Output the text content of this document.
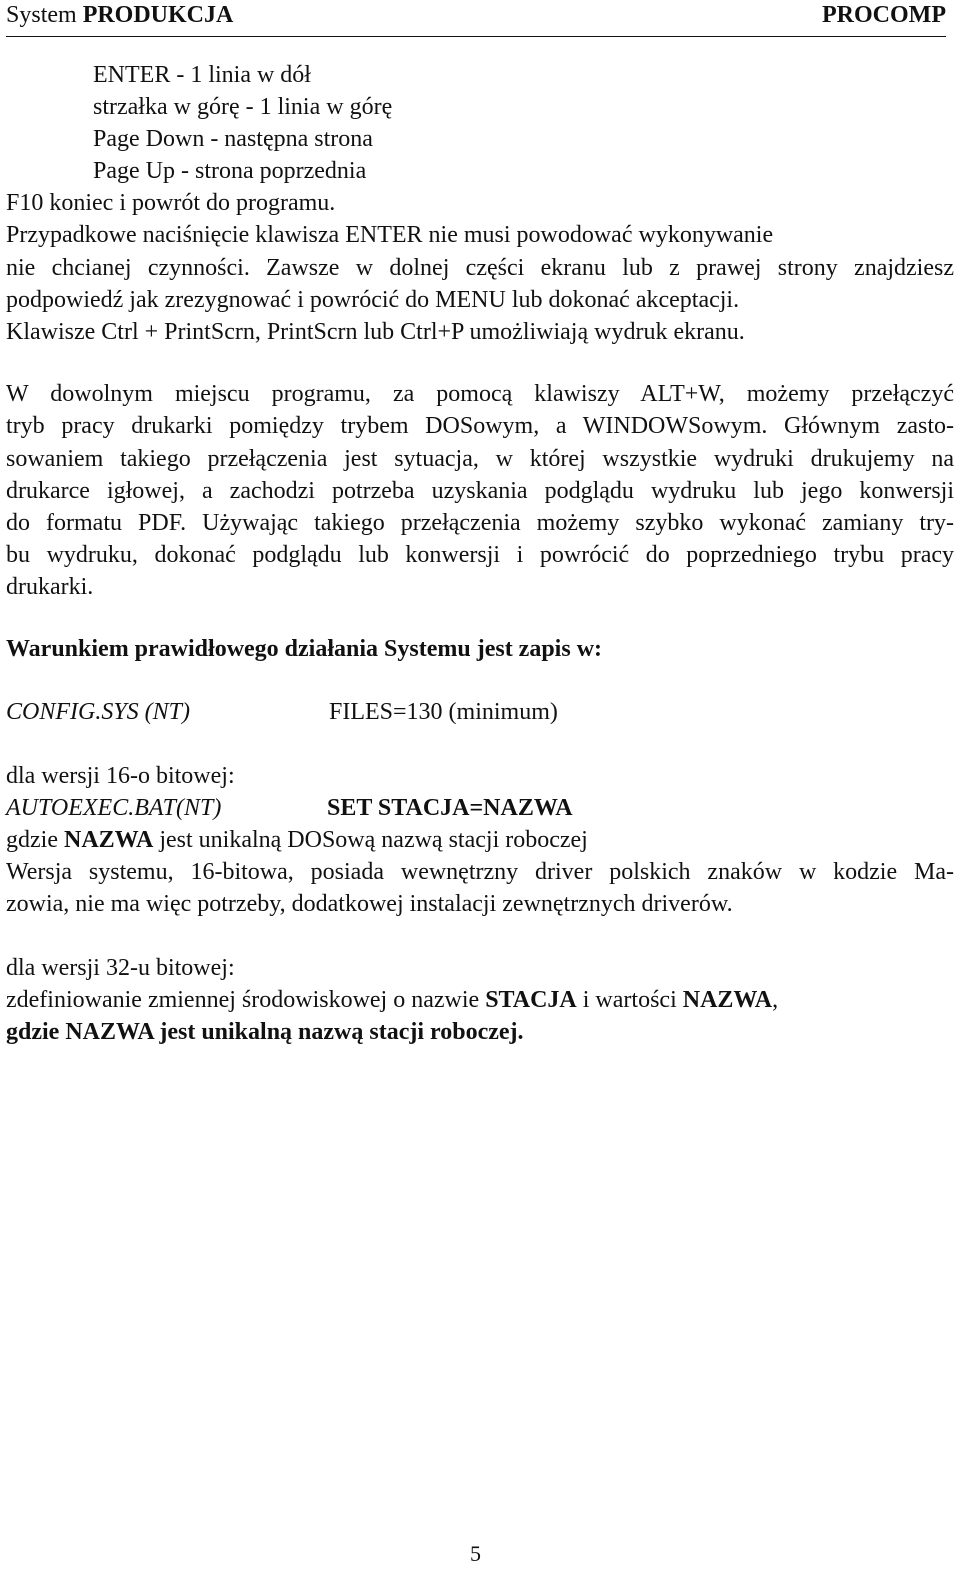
System PRODUKCJA	PROCOMP
ENTER - 1 linia w dół
strzałka w górę - 1 linia w górę
Page Down - następna strona
Page Up - strona poprzednia
F10 koniec i powrót do programu.
Przypadkowe naciśnięcie klawisza ENTER nie musi powodować wykonywanie
nie chcianej czynności. Zawsze w dolnej części ekranu lub z prawej strony znajdziesz
podpowiedź jak zrezygnować i powrócić do MENU lub dokonać akceptacji.
Klawisze Ctrl + PrintScrn, PrintScrn lub Ctrl+P umożliwiają wydruk ekranu.
W dowolnym miejscu programu, za pomocą klawiszy ALT+W, możemy przełączyć
tryb pracy drukarki pomiędzy trybem DOSowym, a WINDOWSowym. Głównym zasto-
sowaniem takiego przełączenia jest sytuacja, w której wszystkie wydruki drukujemy na
drukarce igłowej, a zachodzi potrzeba uzyskania podglądu wydruku lub jego konwersji
do formatu PDF. Używając takiego przełączenia możemy szybko wykonać zamiany try-
bu wydruku, dokonać podglądu lub konwersji i powrócić do poprzedniego trybu pracy
drukarki.
Warunkiem prawidłowego działania Systemu jest zapis w:
CONFIG.SYS (NT)	FILES=130 (minimum)
dla wersji 16-o bitowej:
AUTOEXEC.BAT(NT)	SET STACJA=NAZWA
gdzie NAZWA jest unikalną DOSową nazwą stacji roboczej
Wersja systemu, 16-bitowa, posiada wewnętrzny driver polskich znaków w kodzie Ma-
zowia, nie ma więc potrzeby, dodatkowej instalacji zewnętrznych driverów.
dla wersji 32-u bitowej:
zdefiniowanie zmiennej środowiskowej o nazwie STACJA i wartości NAZWA,
gdzie NAZWA jest unikalną nazwą stacji roboczej.
5
